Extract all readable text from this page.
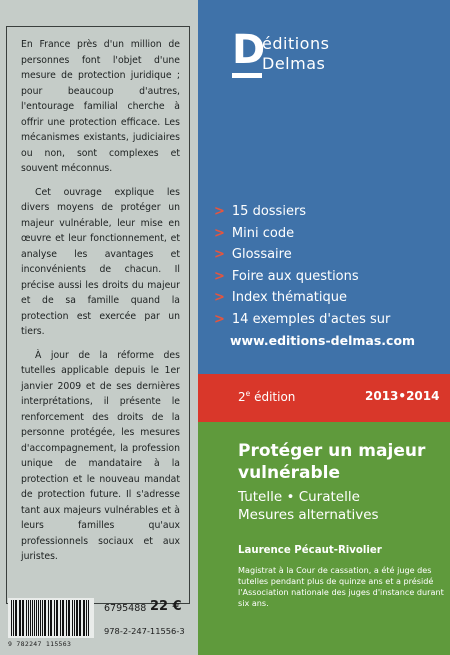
En France près d'un million de personnes font l'objet d'une mesure de protection juridique ; pour beaucoup d'autres, l'entourage familial cherche à offrir une protection efficace. Les mécanismes existants, judiciaires ou non, sont complexes et souvent méconnus.

Cet ouvrage explique les divers moyens de protéger un majeur vulnérable, leur mise en œuvre et leur fonctionnement, et analyse les avantages et inconvénients de chacun. Il précise aussi les droits du majeur et de sa famille quand la protection est exercée par un tiers.

À jour de la réforme des tutelles applicable depuis le 1er janvier 2009 et de ses dernières interprétations, il présente le renforcement des droits de la personne protégée, les mesures d'accompagnement, la profession unique de mandataire à la protection et le nouveau mandat de protection future. Il s'adresse tant aux majeurs vulnérables et à leurs familles qu'aux professionnels sociaux et aux juristes.

9 782247 115563
6795488 22 €
978-2-247-11556-3
D
éditions
Delmas
> 15 dossiers
> Mini code
> Glossaire
> Foire aux questions
> Index thématique
> 14 exemples d'actes sur
www.editions-delmas.com
2e édition	2013•2014
Protéger un majeur vulnérable
Tutelle • Curatelle
Mesures alternatives
Laurence Pécaut-Rivolier
Magistrat à la Cour de cassation, a été juge des tutelles pendant plus de quinze ans et a présidé l'Association nationale des juges d'instance durant six ans.
